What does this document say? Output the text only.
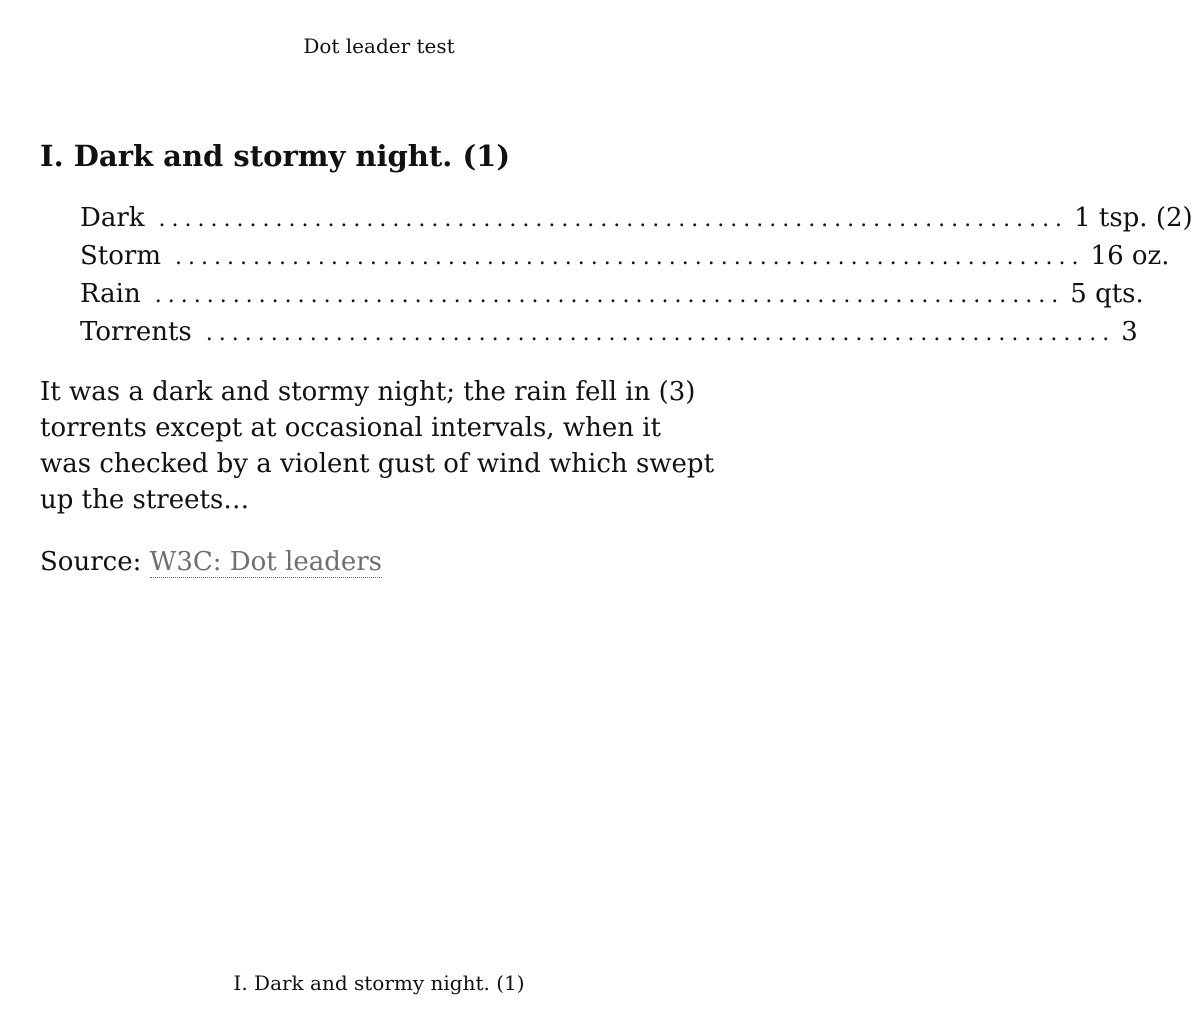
Dot leader test
I. Dark and stormy night. (1)
Dark ...................................................................... 1 tsp. (2)
Storm ...................................................................... 16 oz.
Rain ...................................................................... 5 qts.
Torrents ...................................................................... 3

It was a dark and stormy night; the rain fell in (3) torrents except at occasional intervals, when it was checked by a violent gust of wind which swept up the streets…

Source: W3C: Dot leaders

I. Dark and stormy night. (1)
